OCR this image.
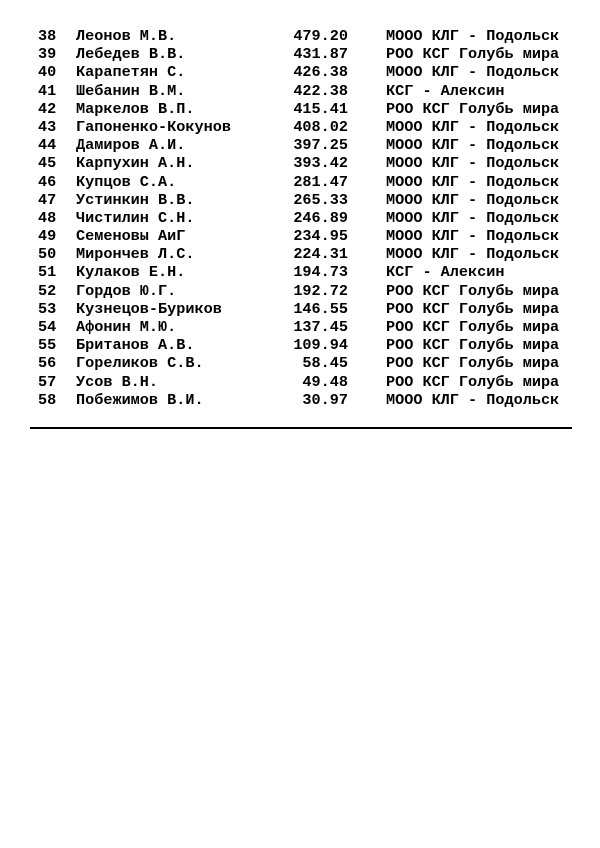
38	Леонов М.В.	479.20	МООО КЛГ - Подольск
39	Лебедев В.В.	431.87	РОО КСГ Голубь мира
40	Карапетян С.	426.38	МООО КЛГ - Подольск
41	Шебанин В.М.	422.38	КСГ - Алексин
42	Маркелов В.П.	415.41	РОО КСГ Голубь мира
43	Гапоненко-Кокунов	408.02	МООО КЛГ - Подольск
44	Дамиров А.И.	397.25	МООО КЛГ - Подольск
45	Карпухин А.Н.	393.42	МООО КЛГ - Подольск
46	Купцов С.А.	281.47	МООО КЛГ - Подольск
47	Устинкин В.В.	265.33	МООО КЛГ - Подольск
48	Чистилин С.Н.	246.89	МООО КЛГ - Подольск
49	Семеновы АиГ	234.95	МООО КЛГ - Подольск
50	Мирончев Л.С.	224.31	МООО КЛГ - Подольск
51	Кулаков Е.Н.	194.73	КСГ - Алексин
52	Гордов Ю.Г.	192.72	РОО КСГ Голубь мира
53	Кузнецов-Буриков	146.55	РОО КСГ Голубь мира
54	Афонин М.Ю.	137.45	РОО КСГ Голубь мира
55	Британов А.В.	109.94	РОО КСГ Голубь мира
56	Гореликов С.В.	58.45	РОО КСГ Голубь мира
57	Усов В.Н.	49.48	РОО КСГ Голубь мира
58	Побежимов В.И.	30.97	МООО КЛГ - Подольск
